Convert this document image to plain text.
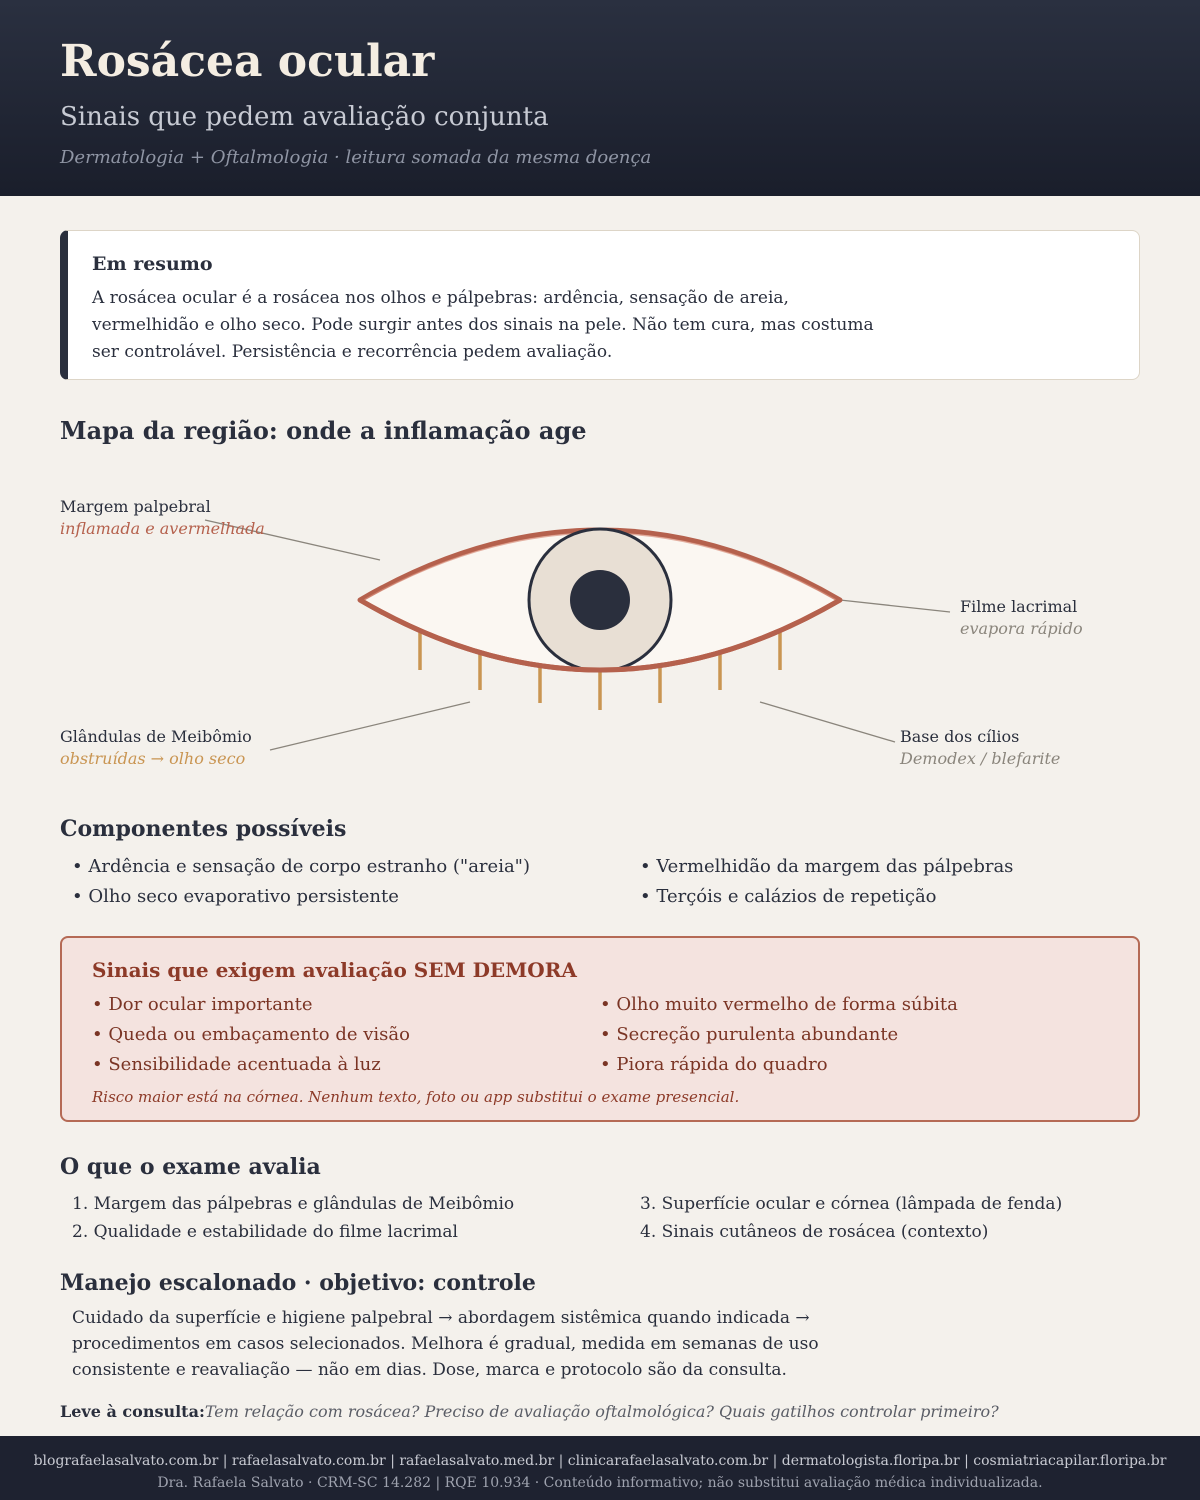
Rosácea ocular
Sinais que pedem avaliação conjunta
Dermatologia + Oftalmologia · leitura somada da mesma doença
Em resumo

A rosácea ocular é a rosácea nos olhos e pálpebras: ardência, sensação de areia, vermelhidão e olho seco. Pode surgir antes dos sinais na pele. Não tem cura, mas costuma ser controlável. Persistência e recorrência pedem avaliação.

Mapa da região: onde a inflamação age
Margem palpebral
inflamada e avermelhada
Filme lacrimal
evapora rápido
Glândulas de Meibômio
obstruídas → olho seco
Base dos cílios
Demodex / blefarite
Componentes possíveis
• Ardência e sensação de corpo estranho ("areia")
• Olho seco evaporativo persistente
• Vermelhidão da margem das pálpebras
• Terçóis e calázios de repetição
Sinais que exigem avaliação SEM DEMORA
• Dor ocular importante
• Queda ou embaçamento de visão
• Sensibilidade acentuada à luz
• Olho muito vermelho de forma súbita
• Secreção purulenta abundante
• Piora rápida do quadro
Risco maior está na córnea. Nenhum texto, foto ou app substitui o exame presencial.
O que o exame avalia
1. Margem das pálpebras e glândulas de Meibômio
2. Qualidade e estabilidade do filme lacrimal
3. Superfície ocular e córnea (lâmpada de fenda)
4. Sinais cutâneos de rosácea (contexto)
Manejo escalonado · objetivo: controle
Cuidado da superfície e higiene palpebral → abordagem sistêmica quando indicada → procedimentos em casos selecionados. Melhora é gradual, medida em semanas de uso consistente e reavaliação — não em dias. Dose, marca e protocolo são da consulta.
Leve à consulta:Tem relação com rosácea? Preciso de avaliação oftalmológica? Quais gatilhos controlar primeiro?
blografaelasalvato.com.br | rafaelasalvato.com.br | rafaelasalvato.med.br | clinicarafaelasalvato.com.br | dermatologista.floripa.br | cosmiatriacapilar.floripa.br
Dra. Rafaela Salvato · CRM-SC 14.282 | RQE 10.934 · Conteúdo informativo; não substitui avaliação médica individualizada.
